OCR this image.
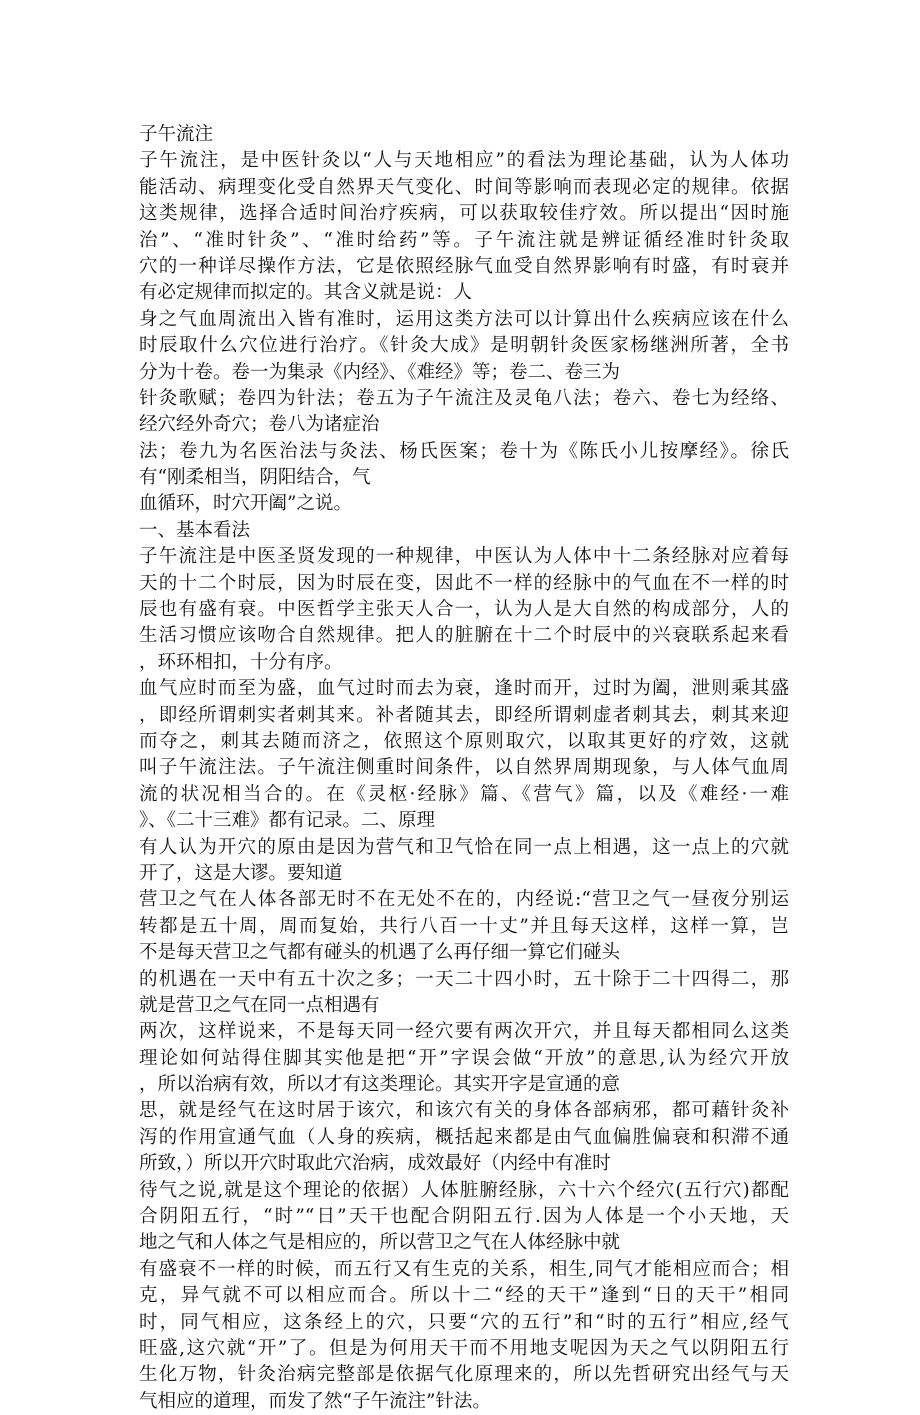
子午流注
子午流注，是中医针灸以“人与天地相应”的看法为理论基础，认为人体功
能活动、病理变化受自然界天气变化、时间等影响而表现必定的规律。依据
这类规律，选择合适时间治疗疾病，可以获取较佳疗效。所以提出“因时施
治”、“准时针灸”、“准时给药”等。子午流注就是辨证循经准时针灸取
穴的一种详尽操作方法，它是依照经脉气血受自然界影响有时盛，有时衰并
有必定规律而拟定的。其含义就是说：人
身之气血周流出入皆有准时，运用这类方法可以计算出什么疾病应该在什么
时辰取什么穴位进行治疗。《针灸大成》是明朝针灸医家杨继洲所著，全书
分为十卷。卷一为集录《内经》、《难经》等；卷二、卷三为
针灸歌赋；卷四为针法；卷五为子午流注及灵龟八法；卷六、卷七为经络、
经穴经外奇穴；卷八为诸症治
法；卷九为名医治法与灸法、杨氏医案；卷十为《陈氏小儿按摩经》。徐氏
有“刚柔相当，阴阳结合，气
血循环，时穴开阖”之说。
一、基本看法
子午流注是中医圣贤发现的一种规律，中医认为人体中十二条经脉对应着每
天的十二个时辰，因为时辰在变，因此不一样的经脉中的气血在不一样的时
辰也有盛有衰。中医哲学主张天人合一，认为人是大自然的构成部分，人的
生活习惯应该吻合自然规律。把人的脏腑在十二个时辰中的兴衰联系起来看
，环环相扣，十分有序。
血气应时而至为盛，血气过时而去为衰，逢时而开，过时为阖，泄则乘其盛
，即经所谓刺实者刺其来。补者随其去，即经所谓刺虚者刺其去，刺其来迎
而夺之，刺其去随而济之，依照这个原则取穴，以取其更好的疗效，这就
叫子午流注法。子午流注侧重时间条件，以自然界周期现象，与人体气血周
流的状况相当合的。在《灵枢·经脉》篇、《营气》篇，以及《难经·一难
》、《二十三难》都有记录。二、原理
有人认为开穴的原由是因为营气和卫气恰在同一点上相遇，这一点上的穴就
开了，这是大谬。要知道
营卫之气在人体各部无时不在无处不在的，内经说:“营卫之气一昼夜分别运
转都是五十周，周而复始，共行八百一十丈”并且每天这样，这样一算，岂
不是每天营卫之气都有碰头的机遇了么再仔细一算它们碰头
的机遇在一天中有五十次之多；一天二十四小时，五十除于二十四得二，那
就是营卫之气在同一点相遇有
两次，这样说来，不是每天同一经穴要有两次开穴，并且每天都相同么这类
理论如何站得住脚其实他是把“开”字误会做“开放”的意思,认为经穴开放
，所以治病有效，所以才有这类理论。其实开字是宣通的意
思，就是经气在这时居于该穴，和该穴有关的身体各部病邪，都可藉针灸补
泻的作用宣通气血（人身的疾病，概括起来都是由气血偏胜偏衰和积滞不通
所致，）所以开穴时取此穴治病，成效最好（内经中有准时
待气之说,就是这个理论的依据）人体脏腑经脉，六十六个经穴(五行穴)都配
合阴阳五行，“时”“日”天干也配合阴阳五行.因为人体是一个小天地，天
地之气和人体之气是相应的，所以营卫之气在人体经脉中就
有盛衰不一样的时候，而五行又有生克的关系，相生,同气才能相应而合；相
克，异气就不可以相应而合。所以十二“经的天干”逢到“日的天干”相同
时，同气相应，这条经上的穴，只要“穴的五行”和“时的五行”相应,经气
旺盛,这穴就“开”了。但是为何用天干而不用地支呢因为天之气以阴阳五行
生化万物，针灸治病完整部是依据气化原理来的，所以先哲研究出经气与天
气相应的道理，而发了然“子午流注”针法。
